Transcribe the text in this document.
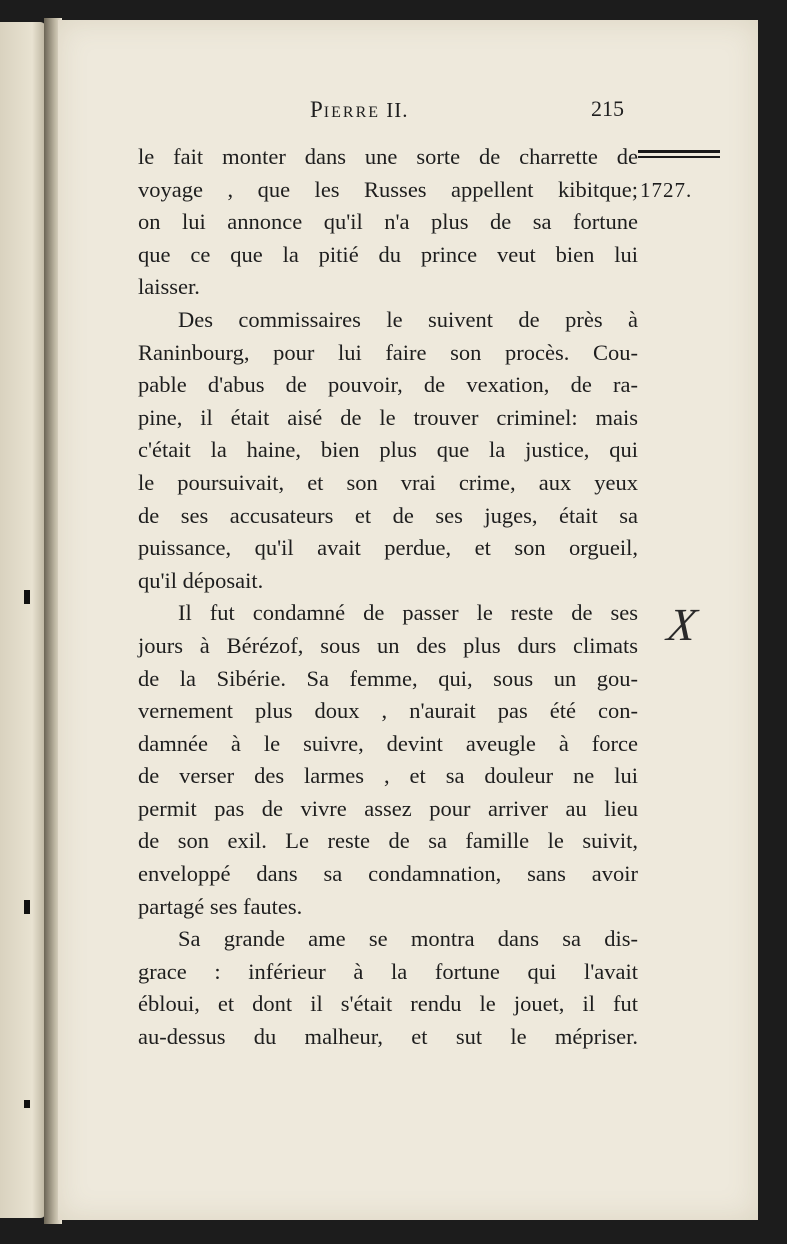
PIERRE II.	215
1727.
X
le fait monter dans une sorte de charrette de
voyage , que les Russes appellent kibitque;
on lui annonce qu'il n'a plus de sa fortune
que ce que la pitié du prince veut bien lui
laisser.
Des commissaires le suivent de près à
Raninbourg, pour lui faire son procès. Cou-
pable d'abus de pouvoir, de vexation, de ra-
pine, il était aisé de le trouver criminel: mais
c'était la haine, bien plus que la justice, qui
le poursuivait, et son vrai crime, aux yeux
de ses accusateurs et de ses juges, était sa
puissance, qu'il avait perdue, et son orgueil,
qu'il déposait.
Il fut condamné de passer le reste de ses
jours à Bérézof, sous un des plus durs climats
de la Sibérie. Sa femme, qui, sous un gou-
vernement plus doux , n'aurait pas été con-
damnée à le suivre, devint aveugle à force
de verser des larmes , et sa douleur ne lui
permit pas de vivre assez pour arriver au lieu
de son exil. Le reste de sa famille le suivit,
enveloppé dans sa condamnation, sans avoir
partagé ses fautes.
Sa grande ame se montra dans sa dis-
grace : inférieur à la fortune qui l'avait
ébloui, et dont il s'était rendu le jouet, il fut
au-dessus du malheur, et sut le mépriser.
